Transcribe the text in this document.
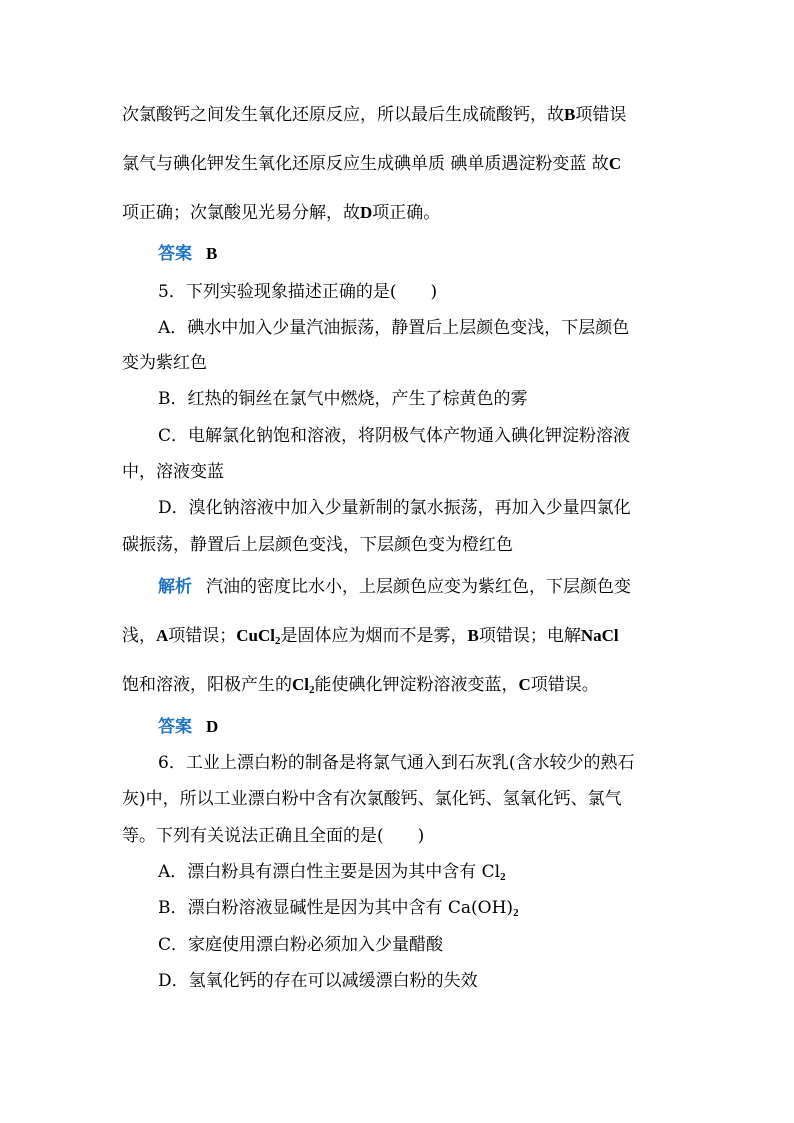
次氯酸钙之间发生氧化还原反应，所以最后生成硫酸钙，故B项错误
氯气与碘化钾发生氧化还原反应生成碘单质 碘单质遇淀粉变蓝 故C
项正确；次氯酸见光易分解，故D项正确。
答案 B
5．下列实验现象描述正确的是(　　)
A．碘水中加入少量汽油振荡，静置后上层颜色变浅，下层颜色
变为紫红色
B．红热的铜丝在氯气中燃烧，产生了棕黄色的雾
C．电解氯化钠饱和溶液，将阴极气体产物通入碘化钾淀粉溶液
中，溶液变蓝
D．溴化钠溶液中加入少量新制的氯水振荡，再加入少量四氯化
碳振荡，静置后上层颜色变浅，下层颜色变为橙红色
解析 汽油的密度比水小，上层颜色应变为紫红色，下层颜色变
浅，A项错误；CuCl$_2$是固体应为烟而不是雾，B项错误；电解NaCl
饱和溶液，阳极产生的$Cl_2$能使碘化钾淀粉溶液变蓝，C项错误。
答案 D
6．工业上漂白粉的制备是将氯气通入到石灰乳(含水较少的熟石
灰)中，所以工业漂白粉中含有次氯酸钙、氯化钙、氢氧化钙、氯气
等。下列有关说法正确且全面的是(　　)
A．漂白粉具有漂白性主要是因为其中含有 $Cl_2$
B．漂白粉溶液显碱性是因为其中含有 $Ca(OH)_2$
C．家庭使用漂白粉必须加入少量醋酸
D．氢氧化钙的存在可以减缓漂白粉的失效
